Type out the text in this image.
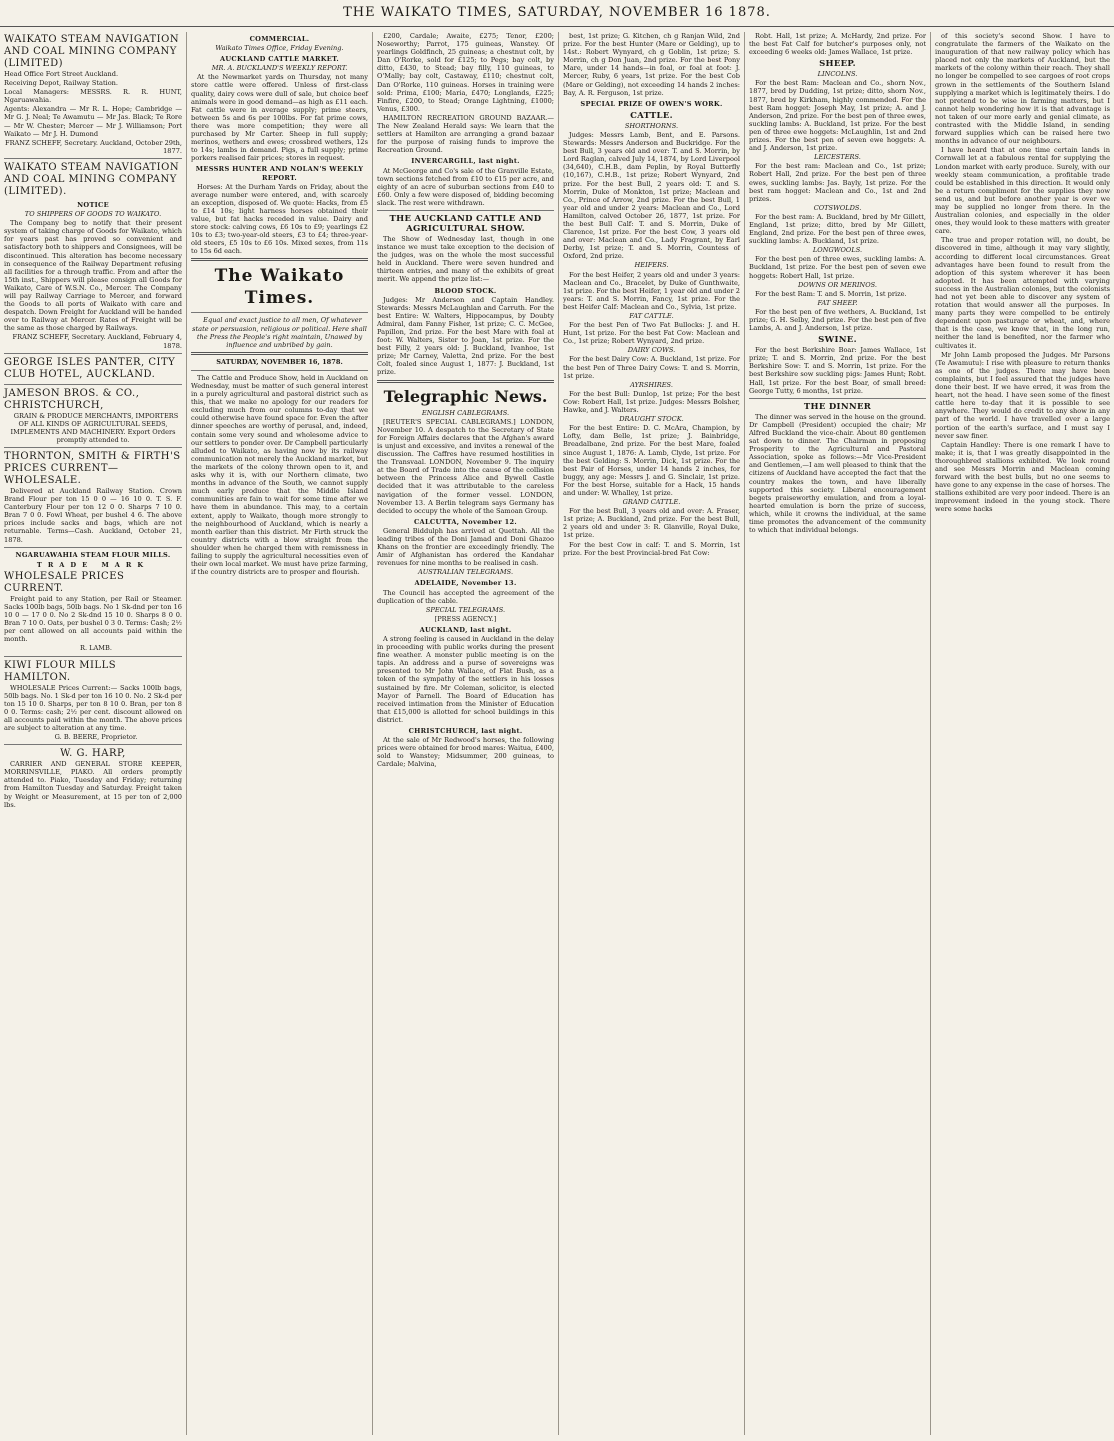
THE WAIKATO TIMES, SATURDAY, NOVEMBER 16 1878.
WAIKATO STEAM NAVIGATION AND COAL MINING COMPANY (LIMITED)

Head Office Fort Street Auckland.

Receiving Depot, Railway Station.

Local Managers: MESSRS. R. R. HUNT, Ngaruawahia.

Agents: Alexandra — Mr R. L. Hope; Cambridge — Mr G. J. Neal; Te Awamutu — Mr Jas. Black; Te Rore — Mr W. Chester; Mercer — Mr J. Williamson; Port Waikato — Mr J. H. Dumond

FRANZ SCHEFF, Secretary. Auckland, October 29th, 1877.

WAIKATO STEAM NAVIGATION AND COAL MINING COMPANY (LIMITED).
NOTICE
TO SHIPPERS OF GOODS TO WAIKATO.

The Company beg to notify that their present system of taking charge of Goods for Waikato, which for years past has proved so convenient and satisfactory both to shippers and Consignees, will be discontinued. This alteration has become necessary in consequence of the Railway Department refusing all facilities for a through traffic. From and after the 15th inst., Shippers will please consign all Goods for Waikato, Care of W.S.N. Co., Mercer. The Company will pay Railway Carriage to Mercer, and forward the Goods to all ports of Waikato with care and despatch. Down Freight for Auckland will be handed over to Railway at Mercer. Rates of Freight will be the same as those charged by Railways.

FRANZ SCHEFF, Secretary. Auckland, February 4, 1878.

GEORGE ISLES PANTER, CITY CLUB HOTEL, AUCKLAND.
JAMESON BROS. & CO., CHRISTCHURCH,

GRAIN & PRODUCE MERCHANTS, IMPORTERS OF ALL KINDS OF AGRICULTURAL SEEDS, IMPLEMENTS AND MACHINERY. Export Orders promptly attended to.

THORNTON, SMITH & FIRTH'S PRICES CURRENT—WHOLESALE.

Delivered at Auckland Railway Station. Crown Brand Flour per ton 15 0 0 — 16 10 0. T. S. F. Canterbury Flour per ton 12 0 0. Sharps 7 10 0. Bran 7 0 0. Fowl Wheat, per bushel 4 6. The above prices include sacks and bags, which are not returnable. Terms—Cash. Auckland, October 21, 1878.

NGARUAWAHIA STEAM FLOUR MILLS.
TRADE MARK
WHOLESALE PRICES CURRENT.

Freight paid to any Station, per Rail or Steamer. Sacks 100lb bags, 50lb bags. No 1 Sk-dnd per ton 16 10 0 — 17 0 0. No 2 Sk-dnd 15 10 0. Sharps 8 0 0. Bran 7 10 0. Oats, per bushel 0 3 0. Terms: Cash; 2½ per cent allowed on all accounts paid within the month.

R. LAMB.

KIWI FLOUR MILLS HAMILTON.

WHOLESALE Prices Current:— Sacks 100lb bags, 50lb bags. No. 1 Sk-d per ton 16 10 0. No. 2 Sk-d per ton 15 10 0. Sharps, per ton 8 10 0. Bran, per ton 8 0 0. Terms: cash; 2½ per cent. discount allowed on all accounts paid within the month. The above prices are subject to alteration at any time.

G. B. BEERE, Proprietor.

W. G. HARP,

CARRIER AND GENERAL STORE KEEPER, MORRINSVILLE, PIAKO. All orders promptly attended to. Piako, Tuesday and Friday; returning from Hamilton Tuesday and Saturday. Freight taken by Weight or Measurement, at 15 per ton of 2,000 lbs.

COMMERCIAL.
Waikato Times Office, Friday Evening.
AUCKLAND CATTLE MARKET.
MR. A. BUCKLAND'S WEEKLY REPORT.

At the Newmarket yards on Thursday, not many store cattle were offered. Unless of first-class quality, dairy cows were dull of sale, but choice beef animals were in good demand—as high as £11 each. Fat cattle were in average supply; prime steers, between 5s and 6s per 100lbs. For fat prime cows, there was more competition; they were all purchased by Mr Carter. Sheep in full supply; merinos, wethers and ewes; crossbred wethers, 12s to 14s; lambs in demand. Pigs, a full supply; prime porkers realised fair prices; stores in request.

MESSRS HUNTER AND NOLAN'S WEEKLY REPORT.

Horses: At the Durham Yards on Friday, about the average number were entered, and, with scarcely an exception, disposed of. We quote: Hacks, from £5 to £14 10s; light harness horses obtained their value, but fat hacks receded in value. Dairy and store stock: calving cows, £6 10s to £9; yearlings £2 10s to £3; two-year-old steers, £3 to £4; three-year-old steers, £5 10s to £6 10s. Mixed sexes, from 11s to 15s 6d each.

The Waikato Times.

Equal and exact justice to all men, Of whatever state or persuasion, religious or political. Here shall the Press the People's right maintain, Unawed by influence and unbribed by gain.

SATURDAY, NOVEMBER 16, 1878.

The Cattle and Produce Show, held in Auckland on Wednesday, must be matter of such general interest in a purely agricultural and pastoral district such as this, that we make no apology for our readers for excluding much from our columns to-day that we could otherwise have found space for. Even the after dinner speeches are worthy of perusal, and, indeed, contain some very sound and wholesome advice to our settlers to ponder over. Dr Campbell particularly alluded to Waikato, as having now by its railway communication not merely the Auckland market, but the markets of the colony thrown open to it, and asks why it is, with our Northern climate, two months in advance of the South, we cannot supply much early produce that the Middle Island communities are fain to wait for some time after we have them in abundance. This may, to a certain extent, apply to Waikato, though more strongly to the neighbourhood of Auckland, which is nearly a month earlier than this district. Mr Firth struck the country districts with a blow straight from the shoulder when he charged them with remissness in failing to supply the agricultural necessities even of their own local market. We must have prize farming, if the country districts are to prosper and flourish.

£200, Cardale; Awaite, £275; Tenor, £200; Noseworthy; Parrot, 175 guineas, Wanstey. Of yearlings Goldfinch, 25 guineas; a chestnut colt, by Dan O'Rorke, sold for £125; to Pegs; bay colt, by ditto, £430, to Stead; bay filly, 110 guineas, to O'Mally; bay colt, Castaway, £110; chestnut colt, Dan O'Rorke, 110 guineas. Horses in training were sold: Prima, £100; Maria, £470; Longlands, £225; Finfire, £200, to Stead; Orange Lightning, £1000; Venus, £300.

HAMILTON RECREATION GROUND BAZAAR.—The New Zealand Herald says: We learn that the settlers at Hamilton are arranging a grand bazaar for the purpose of raising funds to improve the Recreation Ground.

INVERCARGILL, last night.

At McGeorge and Co's sale of the Granville Estate, town sections fetched from £10 to £15 per acre, and eighty of an acre of suburban sections from £40 to £60. Only a few were disposed of, bidding becoming slack. The rest were withdrawn.

THE AUCKLAND CATTLE AND AGRICULTURAL SHOW.

The Show of Wednesday last, though in one instance we must take exception to the decision of the judges, was on the whole the most successful held in Auckland. There were seven hundred and thirteen entries, and many of the exhibits of great merit. We append the prize list:—

BLOOD STOCK.

Judges: Mr Anderson and Captain Handley. Stewards: Messrs McLaughlan and Carruth. For the best Entire: W. Walters, Hippocampus, by Doubty Admiral, dam Fanny Fisher, 1st prize; C. C. McGee, Papillon, 2nd prize. For the best Mare with foal at foot: W. Walters, Sister to Joan, 1st prize. For the best Filly, 2 years old: J. Buckland, Ivanhoe, 1st prize; Mr Carney, Valetta, 2nd prize. For the best Colt, foaled since August 1, 1877: J. Buckland, 1st prize.

Telegraphic News.
ENGLISH CABLEGRAMS.

[REUTER'S SPECIAL CABLEGRAMS.] LONDON, November 10. A despatch to the Secretary of State for Foreign Affairs declares that the Afghan's award is unjust and excessive, and invites a renewal of the discussion. The Caffres have resumed hostilities in the Transvaal. LONDON, November 9. The inquiry at the Board of Trade into the cause of the collision between the Princess Alice and Bywell Castle decided that it was attributable to the careless navigation of the former vessel. LONDON, November 13. A Berlin telegram says Germany has decided to occupy the whole of the Samoan Group.

CALCUTTA, November 12.

General Biddulph has arrived at Quettah. All the leading tribes of the Doni Jamad and Doni Ghazoo Khans on the frontier are exceedingly friendly. The Amir of Afghanistan has ordered the Kandahar revenues for nine months to be realised in cash.

AUSTRALIAN TELEGRAMS.
ADELAIDE, November 13.

The Council has accepted the agreement of the duplication of the cable.

SPECIAL TELEGRAMS.
[PRESS AGENCY.]
AUCKLAND, last night.

A strong feeling is caused in Auckland in the delay in proceeding with public works during the present fine weather. A monster public meeting is on the tapis. An address and a purse of sovereigns was presented to Mr John Wallace, of Flat Bush, as a token of the sympathy of the settlers in his losses sustained by fire. Mr Coleman, solicitor, is elected Mayor of Parnell. The Board of Education has received intimation from the Minister of Education that £15,000 is allotted for school buildings in this district.

CHRISTCHURCH, last night.

At the sale of Mr Redwood's horses, the following prices were obtained for brood mares: Waitua, £400, sold to Wanstey; Midsummer, 200 guineas, to Cardale; Malvina,

best, 1st prize; G. Kitchen, ch g Ranjan Wild, 2nd prize. For the best Hunter (Mare or Gelding), up to 14st.: Robert Wynyard, ch g Goblin, 1st prize; S. Morrin, ch g Don Juan, 2nd prize. For the best Pony Mare, under 14 hands—in foal, or foal at foot: J. Mercer, Ruby, 6 years, 1st prize. For the best Cob (Mare or Gelding), not exceeding 14 hands 2 inches: Bay, A. R. Ferguson, 1st prize.

SPECIAL PRIZE OF OWEN'S WORK.
CATTLE.
SHORTHORNS.

Judges: Messrs Lamb, Bent, and E. Parsons. Stewards: Messrs Anderson and Buckridge. For the best Bull, 3 years old and over: T. and S. Morrin, by Lord Raglan, calved July 14, 1874, by Lord Liverpool (34,640), C.H.B., dam Peplin, by Royal Butterfly (10,167), C.H.B., 1st prize; Robert Wynyard, 2nd prize. For the best Bull, 2 years old: T. and S. Morrin, Duke of Monkton, 1st prize; Maclean and Co., Prince of Arrow, 2nd prize. For the best Bull, 1 year old and under 2 years: Maclean and Co., Lord Hamilton, calved October 26, 1877, 1st prize. For the best Bull Calf: T. and S. Morrin, Duke of Clarence, 1st prize. For the best Cow, 3 years old and over: Maclean and Co., Lady Fragrant, by Earl Derby, 1st prize; T. and S. Morrin, Countess of Oxford, 2nd prize.

HEIFERS.

For the best Heifer, 2 years old and under 3 years: Maclean and Co., Bracelet, by Duke of Gunthwaite, 1st prize. For the best Heifer, 1 year old and under 2 years: T. and S. Morrin, Fancy, 1st prize. For the best Heifer Calf: Maclean and Co., Sylvia, 1st prize.

FAT CATTLE.

For the best Pen of Two Fat Bullocks: J. and H. Hunt, 1st prize. For the best Fat Cow: Maclean and Co., 1st prize; Robert Wynyard, 2nd prize.

DAIRY COWS.

For the best Dairy Cow: A. Buckland, 1st prize. For the best Pen of Three Dairy Cows: T. and S. Morrin, 1st prize.

AYRSHIRES.

For the best Bull: Dunlop, 1st prize; For the best Cow: Robert Hall, 1st prize. Judges: Messrs Bolsher, Hawke, and J. Walters.

DRAUGHT STOCK.

For the best Entire: D. C. McAra, Champion, by Lofty, dam Belle, 1st prize; J. Bainbridge, Breadalbane, 2nd prize. For the best Mare, foaled since August 1, 1876: A. Lamb, Clyde, 1st prize. For the best Gelding: S. Morrin, Dick, 1st prize. For the best Pair of Horses, under 14 hands 2 inches, for buggy, any age: Messrs J. and G. Sinclair, 1st prize. For the best Horse, suitable for a Hack, 15 hands and under: W. Whalley, 1st prize.

GRAND CATTLE.

For the best Bull, 3 years old and over: A. Fraser, 1st prize; A. Buckland, 2nd prize. For the best Bull, 2 years old and under 3: R. Glanville, Royal Duke, 1st prize.

For the best Cow in calf: T. and S. Morrin, 1st prize. For the best Provincial-bred Fat Cow:

Robt. Hall, 1st prize; A. McHardy, 2nd prize. For the best Fat Calf for butcher's purposes only, not exceeding 6 weeks old: James Wallace, 1st prize.

SHEEP.
LINCOLNS.

For the best Ram: Maclean and Co., shorn Nov., 1877, bred by Dudding, 1st prize; ditto, shorn Nov., 1877, bred by Kirkham, highly commended. For the best Ram hogget: Joseph May, 1st prize; A. and J. Anderson, 2nd prize. For the best pen of three ewes, suckling lambs: A. Buckland, 1st prize. For the best pen of three ewe hoggets: McLaughlin, 1st and 2nd prizes. For the best pen of seven ewe hoggets: A. and J. Anderson, 1st prize.

LEICESTERS.

For the best ram: Maclean and Co., 1st prize; Robert Hall, 2nd prize. For the best pen of three ewes, suckling lambs: Jas. Bayly, 1st prize. For the best ram hogget: Maclean and Co., 1st and 2nd prizes.

COTSWOLDS.

For the best ram: A. Buckland, bred by Mr Gillett, England, 1st prize; ditto, bred by Mr Gillett, England, 2nd prize. For the best pen of three ewes, suckling lambs: A. Buckland, 1st prize.

LONGWOOLS.

For the best pen of three ewes, suckling lambs: A. Buckland, 1st prize. For the best pen of seven ewe hoggets: Robert Hall, 1st prize.

DOWNS OR MERINOS.

For the best Ram: T. and S. Morrin, 1st prize.

FAT SHEEP.

For the best pen of five wethers, A. Buckland, 1st prize; G. H. Selby, 2nd prize. For the best pen of five Lambs, A. and J. Anderson, 1st prize.

SWINE.

For the best Berkshire Boar: James Wallace, 1st prize; T. and S. Morrin, 2nd prize. For the best Berkshire Sow: T. and S. Morrin, 1st prize. For the best Berkshire sow suckling pigs: James Hunt; Robt. Hall, 1st prize. For the best Boar, of small breed: George Tutty, 6 months, 1st prize.

THE DINNER

The dinner was served in the house on the ground. Dr Campbell (President) occupied the chair; Mr Alfred Buckland the vice-chair. About 80 gentlemen sat down to dinner. The Chairman in proposing Prosperity to the Agricultural and Pastoral Association, spoke as follows:—Mr Vice-President and Gentlemen,—I am well pleased to think that the citizens of Auckland have accepted the fact that the country makes the town, and have liberally supported this society. Liberal encouragement begets praiseworthy emulation, and from a loyal-hearted emulation is born the prize of success, which, while it crowns the individual, at the same time promotes the advancement of the community to which that individual belongs.

of this society's second Show. I have to congratulate the farmers of the Waikato on the inauguration of that new railway policy which has placed not only the markets of Auckland, but the markets of the colony within their reach. They shall no longer be compelled to see cargoes of root crops grown in the settlements of the Southern Island supplying a market which is legitimately theirs. I do not pretend to be wise in farming matters, but I cannot help wondering how it is that advantage is not taken of our more early and genial climate, as contrasted with the Middle Island, in sending forward supplies which can be raised here two months in advance of our neighbours.

I have heard that at one time certain lands in Cornwall let at a fabulous rental for supplying the London market with early produce. Surely, with our weekly steam communication, a profitable trade could be established in this direction. It would only be a return compliment for the supplies they now send us, and but before another year is over we may be supplied no longer from there. In the Australian colonies, and especially in the older ones, they would look to these matters with greater care.

The true and proper rotation will, no doubt, be discovered in time, although it may vary slightly, according to different local circumstances. Great advantages have been found to result from the adoption of this system wherever it has been adopted. It has been attempted with varying success in the Australian colonies, but the colonists had not yet been able to discover any system of rotation that would answer all the purposes. In many parts they were compelled to be entirely dependent upon pasturage or wheat, and, where that is the case, we know that, in the long run, neither the land is benefited, nor the farmer who cultivates it.

Mr John Lamb proposed the Judges. Mr Parsons (Te Awamutu): I rise with pleasure to return thanks as one of the judges. There may have been complaints, but I feel assured that the judges have done their best. If we have erred, it was from the heart, not the head. I have seen some of the finest cattle here to-day that it is possible to see anywhere. They would do credit to any show in any part of the world. I have travelled over a large portion of the earth's surface, and I must say I never saw finer.

Captain Handley: There is one remark I have to make; it is, that I was greatly disappointed in the thoroughbred stallions exhibited. We look round and see Messrs Morrin and Maclean coming forward with the best bulls, but no one seems to have gone to any expense in the case of horses. The stallions exhibited are very poor indeed. There is an improvement indeed in the young stock. There were some hacks
